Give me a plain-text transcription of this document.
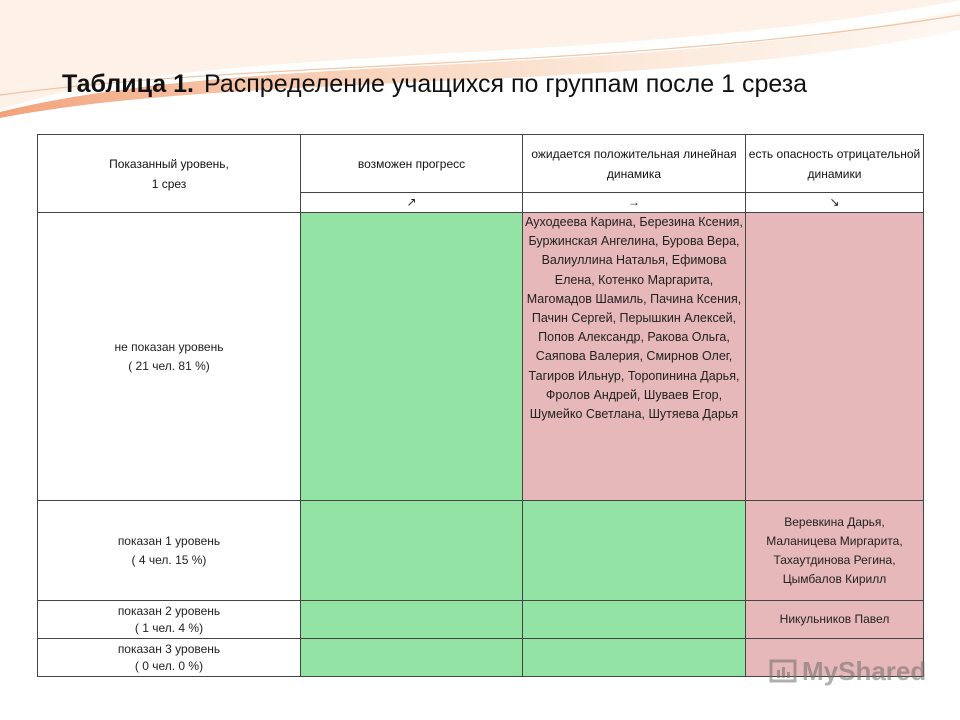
Таблица 1. Распределение учащихся по группам после 1 среза
Показанный уровень,
1 срез	возможен прогресс	ожидается положительная линейная динамика	есть опасность отрицательной динамики
	↗	→	↘

не показан уровень
( 21 чел. 81 %)		Ауходеева Карина, Березина Ксения, Буржинская Ангелина, Бурова Вера, Валиуллина Наталья, Ефимова Елена, Котенко Маргарита, Магомадов Шамиль, Пачина Ксения, Пачин Сергей, Перышкин Алексей, Попов Александр, Ракова Ольга, Саяпова Валерия, Смирнов Олег, Тагиров Ильнур, Торопинина Дарья, Фролов Андрей, Шуваев Егор, Шумейко Светлана, Шутяева Дарья	

показан 1 уровень
( 4 чел. 15 %)			Веревкина Дарья, Маланицева Миргарита, Тахаутдинова Регина, Цымбалов Кирилл

показан 2 уровень
( 1 чел. 4 %)			Никульников Павел

показан 3 уровень
( 0 чел. 0 %)			
				MyShared
